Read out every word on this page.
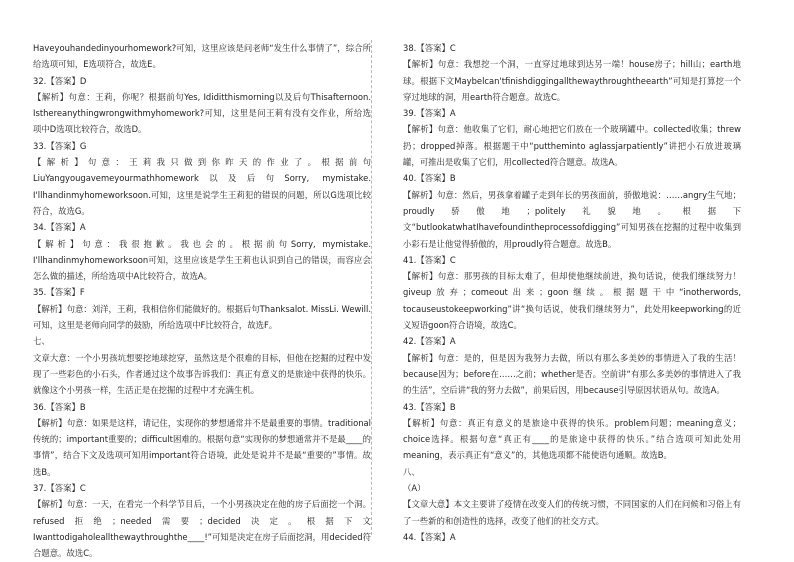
Haveyouhandedinyourhomework?可知，这里应该是问老师“发生什么事情了”，综合所给选项可知，E选项符合，故选E。

32.【答案】D

【解析】句意：王莉，你呢？根据前句Yes, Ididitthismorning以及后句Thisafternoon. Isthereanythingwrongwithmyhomework?可知，这里是问王莉有没有交作业，所给选项中D选项比较符合，故选D。

33.【答案】G

【解析】句意：王莉我只做到你昨天的作业了。根据前句LiuYangyougavemeyourmathhomework以及后句Sorry, mymistake. I'llhandinmyhomeworksoon.可知，这里是说学生王莉犯的错误的问题，所以G选项比较符合，故选G。

34.【答案】A

【解析】句意：我很抱歉。我也会的。根据前句Sorry, mymistake. I'llhandinmyhomeworksoon可知，这里应该是学生王莉也认识到自己的错误，而容应会怎么做的描述，所给选项中A比较符合，故选A。

35.【答案】F

【解析】句意：刘洋，王莉，我相信你们能做好的。根据后句Thanksalot. MissLi. Wewill.可知，这里是老师向同学的鼓励，所给选项中F比较符合，故选F。

七、

文章大意：一个小男孩坑想要挖地球挖穿，虽然这是个很难的目标，但他在挖掘的过程中发现了一些彩色的小石头，作者通过这个故事告诉我们：真正有意义的是旅途中获得的快乐。就像这个小男孩一样，生活正是在挖掘的过程中才充满生机。

36.【答案】B

【解析】句意：如果是这样，请记住，实现你的梦想通常并不是最重要的事情。traditional传统的；important重要的；difficult困难的。根据句意“实现你的梦想通常并不是最____的事情”，结合下文及选项可知用important符合语境，此处是说并不是最“重要的”事情。故选B。

37.【答案】C

【解析】句意：一天，在看完一个科学节目后，一个小男孩决定在他的房子后面挖一个洞。refused拒绝；needed需要；decided决定。根据下文Iwanttodigaholeallthewaythroughthe____!”可知是决定在房子后面挖洞，用decided符合题意。故选C。

38.【答案】C

【解析】句意：我想挖一个洞，一直穿过地球到达另一端！house房子；hill山；earth地球。根据下文Maybelcan'tfinishdiggingallthewaythroughtheearth”可知是打算挖一个穿过地球的洞，用earth符合题意。故选C。

39.【答案】A

【解析】句意：他收集了它们，耐心地把它们放在一个玻璃罐中。collected收集；threw扔；dropped掉落。根据题干中“puttheminto aglassjarpatiently”讲把小石放进玻璃罐，可推出是收集了它们，用collected符合题意。故选A。

40.【答案】B

【解析】句意：然后，男孩拿着罐子走到年长的男孩面前，骄傲地说：……angry生气地；proudly骄傲地；politely礼貌地。根据下文“butlookatwhatIhavefoundintheprocessofdigging”可知男孩在挖掘的过程中收集到小彩石是让他觉得骄傲的，用proudly符合题意。故选B。

41.【答案】C

【解析】句意：那男孩的目标太难了，但却使他继续前进，换句话说，使我们继续努力！giveup放弃；comeout出来；goon继续。根据题干中“inotherwords, tocauseustokeepworking”讲“换句话说，使我们继续努力”，此处用keepworking的近义短语goon符合语境，故选C。

42.【答案】A

【解析】句意：是的，但是因为我努力去做，所以有那么多美妙的事情进入了我的生活！because因为；before在……之前；whether是否。空前讲“有那么多美妙的事情进入了我的生活”，空后讲“我的努力去做”，前果后因，用because引导原因状语从句。故选A。

43.【答案】B

【解析】句意：真正有意义的是旅途中获得的快乐。problem问题；meaning意义；choice选择。根据句意“真正有____的是旅途中获得的快乐。”结合选项可知此处用meaning，表示真正有“意义”的，其他选项都不能使语句通顺。故选B。

八、

（A）

【文章大意】本文主要讲了疫情在改变人们的传统习惯，不同国家的人们在问候和习俗上有了一些新的和创造性的选择，改变了他们的社交方式。

44.【答案】A
